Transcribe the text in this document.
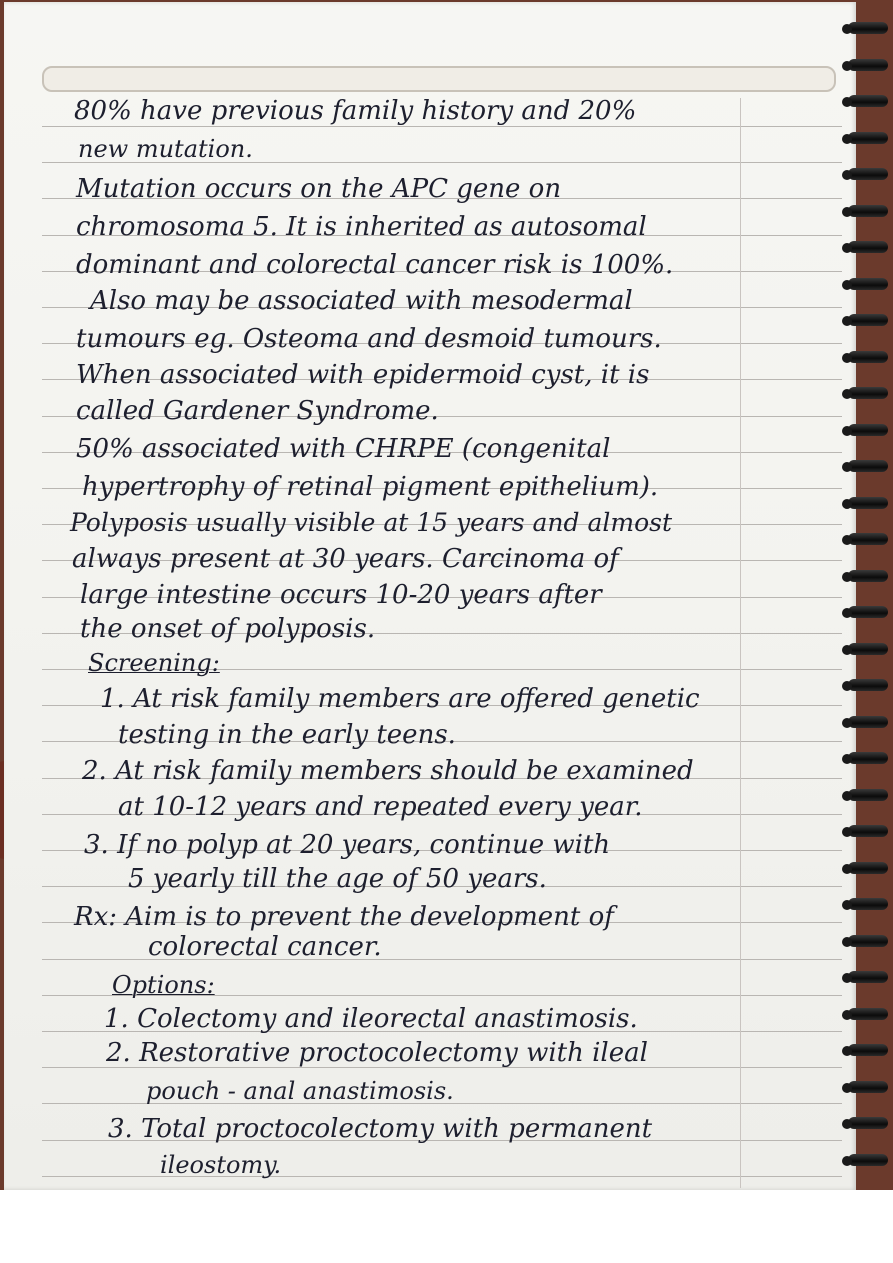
80% have previous family history and 20%
new mutation.
Mutation occurs on the APC gene on
chromosoma 5. It is inherited as autosomal
dominant and colorectal cancer risk is 100%.
Also may be associated with mesodermal
tumours eg. Osteoma and desmoid tumours.
When associated with epidermoid cyst, it is
called Gardener Syndrome.
50% associated with CHRPE (congenital
hypertrophy of retinal pigment epithelium).
Polyposis usually visible at 15 years and almost
always present at 30 years. Carcinoma of
large intestine occurs 10-20 years after
the onset of polyposis.
Screening:
1. At risk family members are offered genetic
testing in the early teens.
2. At risk family members should be examined
at 10-12 years and repeated every year.
3. If no polyp at 20 years, continue with
5 yearly till the age of 50 years.
Rx: Aim is to prevent the development of
colorectal cancer.
Options:
1. Colectomy and ileorectal anastimosis.
2. Restorative proctocolectomy with ileal
pouch - anal anastimosis.
3. Total proctocolectomy with permanent
ileostomy.
